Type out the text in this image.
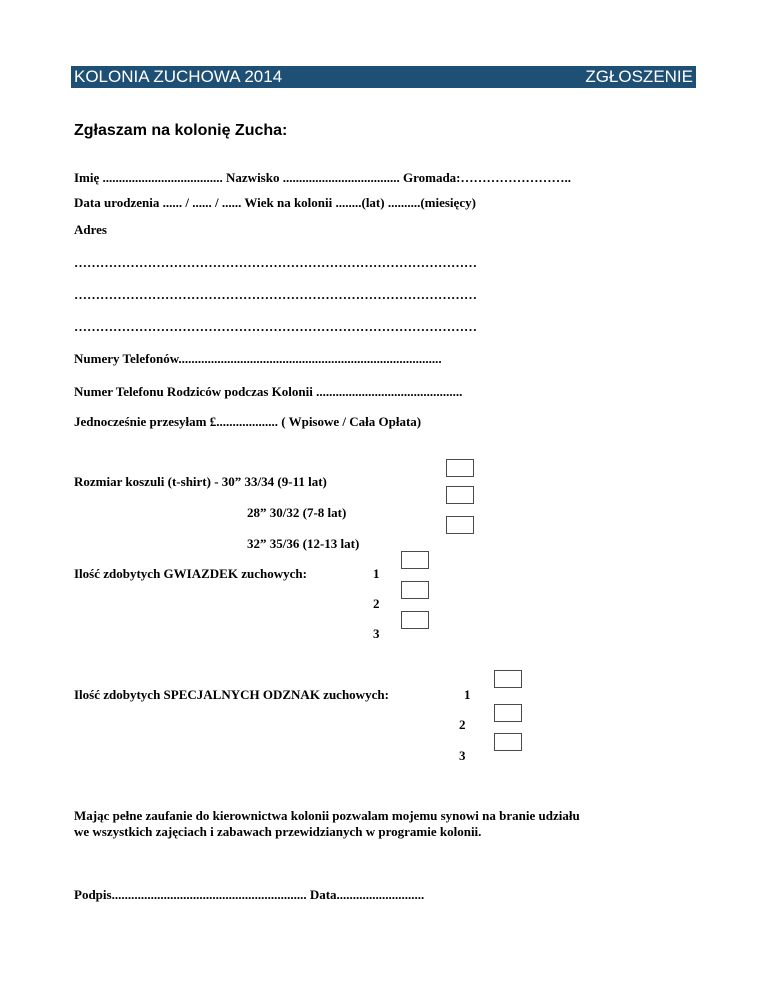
KOLONIA ZUCHOWA 2014	ZGŁOSZENIE
Zgłaszam na kolonię Zucha:
Imię ..................................... Nazwisko .................................... Gromada:……………………..
Data urodzenia ...... / ...... / ...... Wiek na kolonii ........(lat) ..........(miesięcy)
Adres
…………………………………………………………………………………
…………………………………………………………………………………
…………………………………………………………………………………
Numery Telefonów.................................................................................
Numer Telefonu Rodziców podczas Kolonii .............................................
Jednocześnie przesyłam £................... ( Wpisowe / Cała Opłata)
Rozmiar koszuli (t-shirt) - 30” 33/34 (9-11 lat)
28” 30/32 (7-8 lat)
32” 35/36 (12-13 lat)
Ilość zdobytych GWIAZDEK zuchowych:	1
2
3
Ilość zdobytych SPECJALNYCH ODZNAK zuchowych:	1
2
3
Mając pełne zaufanie do kierownictwa kolonii pozwalam mojemu synowi na branie udziału
we wszystkich zajęciach i zabawach przewidzianych w programie kolonii.
Podpis............................................................ Data...........................
